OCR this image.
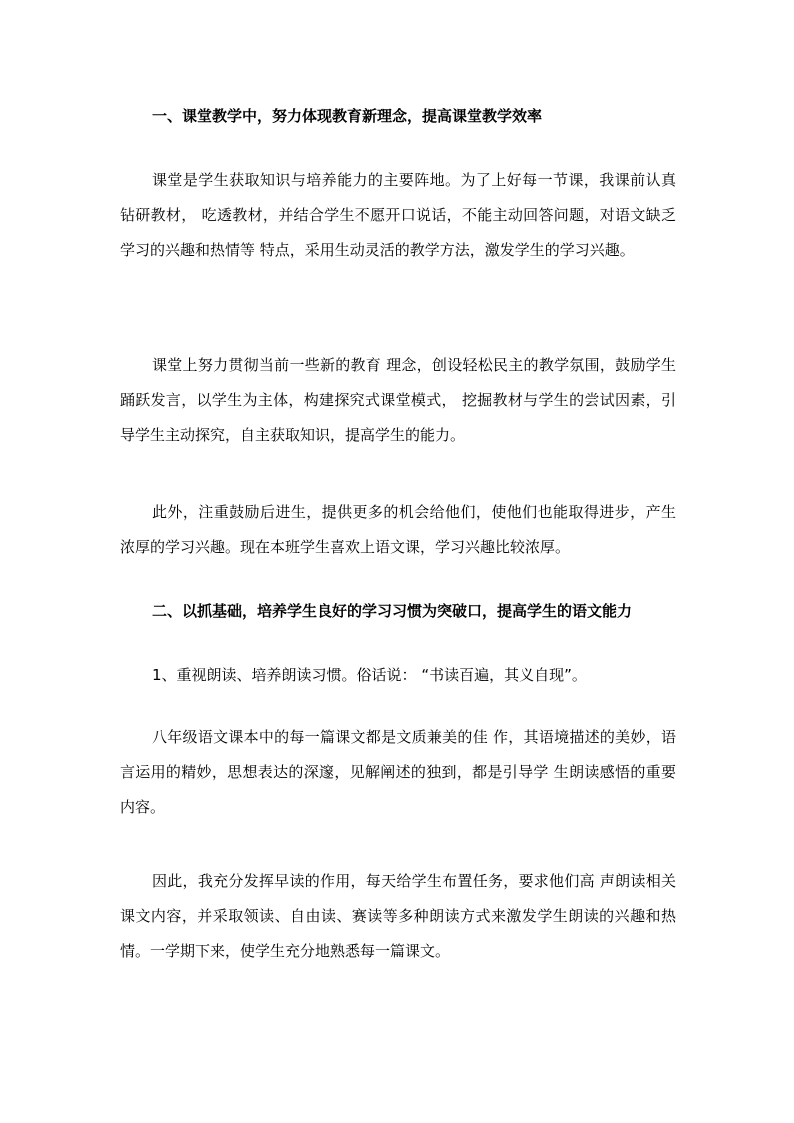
一、课堂教学中，努力体现教育新理念，提高课堂教学效率

课堂是学生获取知识与培养能力的主要阵地。为了上好每一节课，我课前认真钻研教材， 吃透教材，并结合学生不愿开口说话，不能主动回答问题，对语文缺乏学习的兴趣和热情等 特点，采用生动灵活的教学方法，激发学生的学习兴趣。

课堂上努力贯彻当前一些新的教育 理念，创设轻松民主的教学氛围，鼓励学生踊跃发言，以学生为主体，构建探究式课堂模式， 挖掘教材与学生的尝试因素，引导学生主动探究，自主获取知识，提高学生的能力。

此外，注重鼓励后进生，提供更多的机会给他们，使他们也能取得进步，产生浓厚的学习兴趣。现在本班学生喜欢上语文课，学习兴趣比较浓厚。

二、以抓基础，培养学生良好的学习习惯为突破口，提高学生的语文能力

1、重视朗读、培养朗读习惯。俗话说： “书读百遍，其义自现”。

八年级语文课本中的每一篇课文都是文质兼美的佳 作，其语境描述的美妙，语言运用的精妙，思想表达的深邃，见解阐述的独到，都是引导学 生朗读感悟的重要内容。

因此，我充分发挥早读的作用，每天给学生布置任务，要求他们高 声朗读相关课文内容，并采取领读、自由读、赛读等多种朗读方式来激发学生朗读的兴趣和热情。一学期下来，使学生充分地熟悉每一篇课文。
